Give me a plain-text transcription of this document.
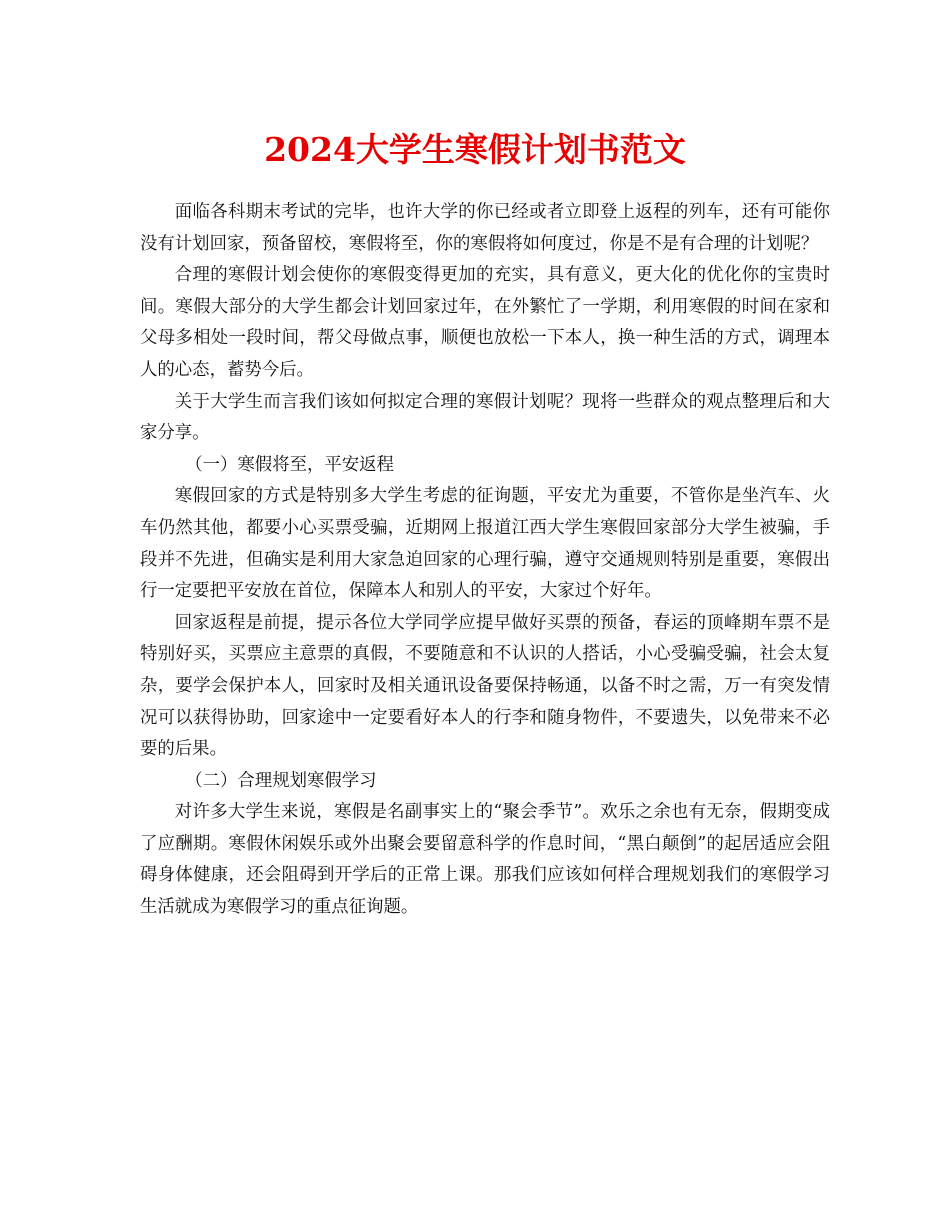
2024大学生寒假计划书范文

面临各科期末考试的完毕，也许大学的你已经或者立即登上返程的列车，还有可能你没有计划回家，预备留校，寒假将至，你的寒假将如何度过，你是不是有合理的计划呢？

合理的寒假计划会使你的寒假变得更加的充实，具有意义，更大化的优化你的宝贵时间。寒假大部分的大学生都会计划回家过年，在外繁忙了一学期，利用寒假的时间在家和父母多相处一段时间，帮父母做点事，顺便也放松一下本人，换一种生活的方式，调理本人的心态，蓄势今后。

关于大学生而言我们该如何拟定合理的寒假计划呢？现将一些群众的观点整理后和大家分享。

（一）寒假将至，平安返程

寒假回家的方式是特别多大学生考虑的征询题，平安尤为重要，不管你是坐汽车、火车仍然其他，都要小心买票受骗，近期网上报道江西大学生寒假回家部分大学生被骗，手段并不先进，但确实是利用大家急迫回家的心理行骗，遵守交通规则特别是重要，寒假出行一定要把平安放在首位，保障本人和别人的平安，大家过个好年。

回家返程是前提，提示各位大学同学应提早做好买票的预备，春运的顶峰期车票不是特别好买，买票应主意票的真假，不要随意和不认识的人搭话，小心受骗受骗，社会太复杂，要学会保护本人，回家时及相关通讯设备要保持畅通，以备不时之需，万一有突发情况可以获得协助，回家途中一定要看好本人的行李和随身物件，不要遗失，以免带来不必要的后果。

（二）合理规划寒假学习

对许多大学生来说，寒假是名副事实上的“聚会季节”。欢乐之余也有无奈，假期变成了应酬期。寒假休闲娱乐或外出聚会要留意科学的作息时间，“黑白颠倒”的起居适应会阻碍身体健康，还会阻碍到开学后的正常上课。那我们应该如何样合理规划我们的寒假学习生活就成为寒假学习的重点征询题。
